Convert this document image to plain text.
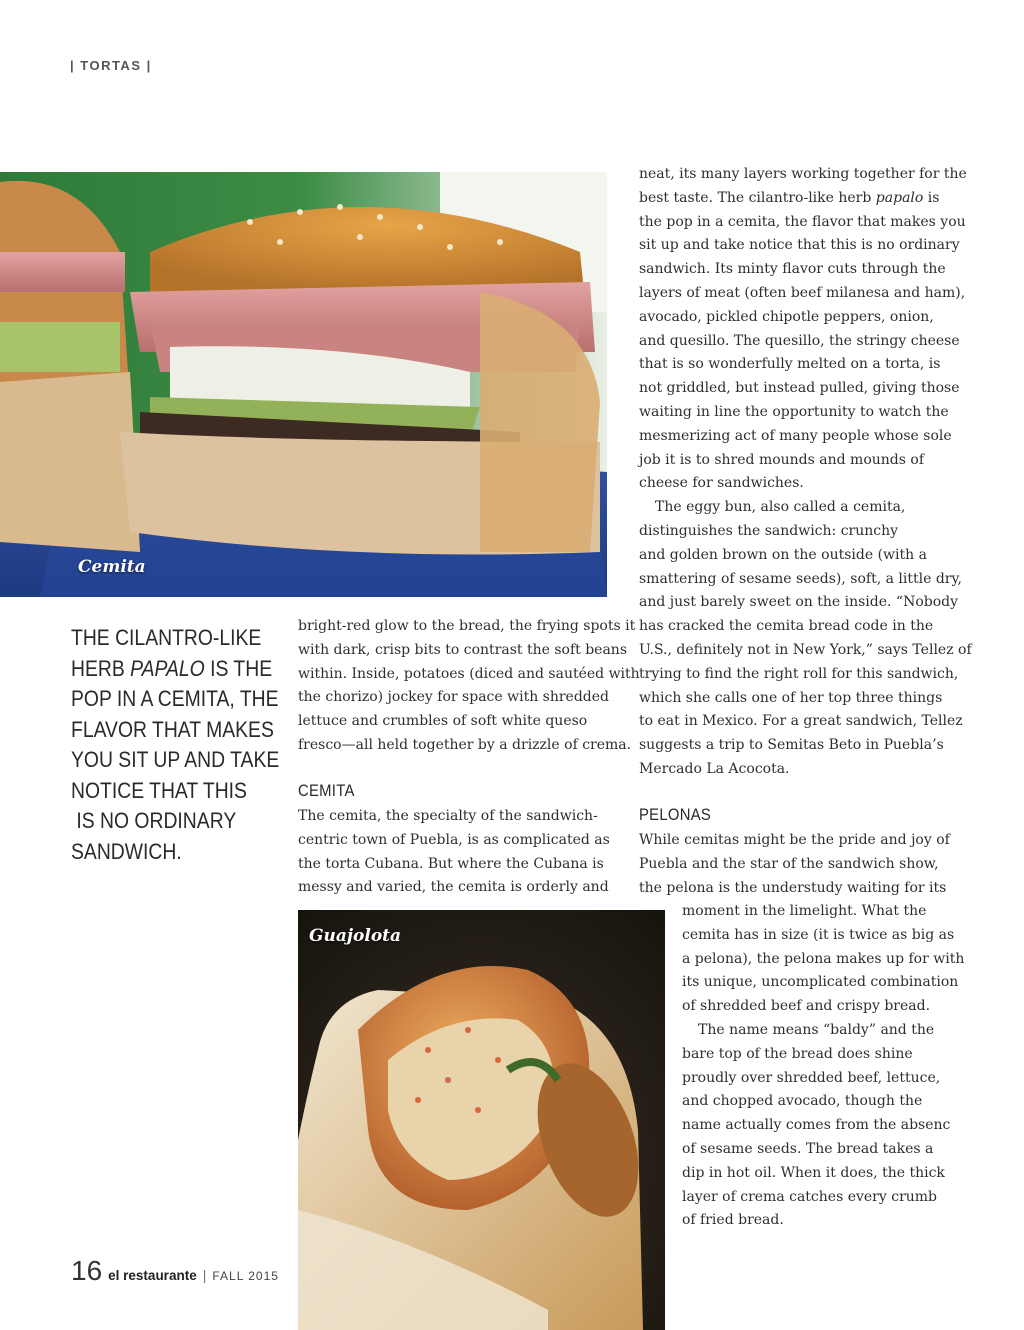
| TORTAS |
Cemita
THE CILANTRO-LIKE
HERB PAPALO IS THE
POP IN A CEMITA, THE
FLAVOR THAT MAKES
YOU SIT UP AND TAKE
NOTICE THAT THIS
IS NO ORDINARY
SANDWICH.
bright-red glow to the bread, the frying spots it
with dark, crisp bits to contrast the soft beans
within. Inside, potatoes (diced and sautéed with
the chorizo) jockey for space with shredded
lettuce and crumbles of soft white queso
fresco—all held together by a drizzle of crema.
CEMITA
The cemita, the specialty of the sandwich-
centric town of Puebla, is as complicated as
the torta Cubana. But where the Cubana is
messy and varied, the cemita is orderly and
neat, its many layers working together for the
best taste. The cilantro-like herb papalo is
the pop in a cemita, the flavor that makes you
sit up and take notice that this is no ordinary
sandwich. Its minty flavor cuts through the
layers of meat (often beef milanesa and ham),
avocado, pickled chipotle peppers, onion,
and quesillo. The quesillo, the stringy cheese
that is so wonderfully melted on a torta, is
not griddled, but instead pulled, giving those
waiting in line the opportunity to watch the
mesmerizing act of many people whose sole
job it is to shred mounds and mounds of
cheese for sandwiches.
The eggy bun, also called a cemita,
distinguishes the sandwich: crunchy
and golden brown on the outside (with a
smattering of sesame seeds), soft, a little dry,
and just barely sweet on the inside. “Nobody
has cracked the cemita bread code in the
U.S., definitely not in New York,” says Tellez of
trying to find the right roll for this sandwich,
which she calls one of her top three things
to eat in Mexico. For a great sandwich, Tellez
suggests a trip to Semitas Beto in Puebla’s
Mercado La Acocota.
PELONAS
While cemitas might be the pride and joy of
Puebla and the star of the sandwich show,
the pelona is the understudy waiting for its
moment in the limelight. What the
cemita has in size (it is twice as big as
a pelona), the pelona makes up for with
its unique, uncomplicated combination
of shredded beef and crispy bread.
The name means “baldy” and the
bare top of the bread does shine
proudly over shredded beef, lettuce,
and chopped avocado, though the
name actually comes from the absenc
of sesame seeds. The bread takes a
dip in hot oil. When it does, the thick
layer of crema catches every crumb
of fried bread.
Guajolota
16 el restaurante | FALL 2015
